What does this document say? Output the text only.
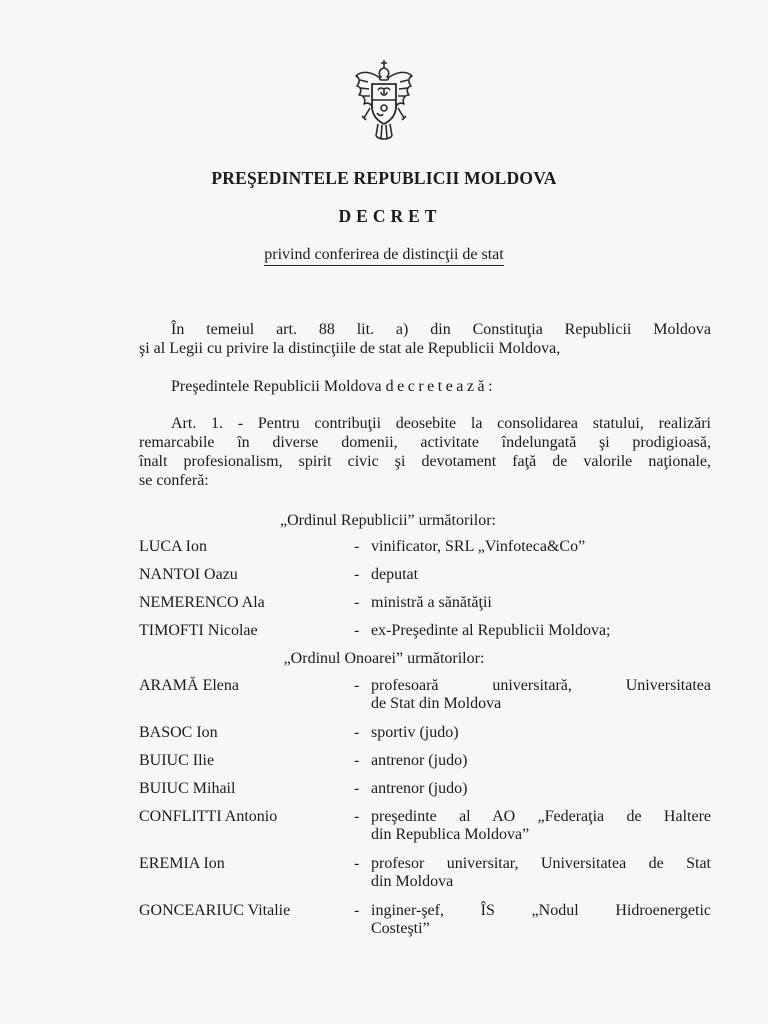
PREŞEDINTELE REPUBLICII MOLDOVA
DECRET
privind conferirea de distincţii de stat
În temeiul art. 88 lit. a) din Constituţia Republicii Moldova
şi al Legii cu privire la distincţiile de stat ale Republicii Moldova,
Preşedintele Republicii Moldova decretează:
Art. 1. - Pentru contribuţii deosebite la consolidarea statului, realizări
remarcabile în diverse domenii, activitate îndelungată şi prodigioasă,
înalt profesionalism, spirit civic şi devotament faţă de valorile naţionale,
se conferă:
„Ordinul Republicii” următorilor:
LUCA Ion	- vinificator, SRL „Vinfoteca&Co”
NANTOI Oazu	- deputat
NEMERENCO Ala	- ministră a sănătăţii
TIMOFTI Nicolae	- ex-Preşedinte al Republicii Moldova;
„Ordinul Onoarei” următorilor:
ARAMĂ Elena	- profesoară universitară, Universitatea
de Stat din Moldova
BASOC Ion	- sportiv (judo)
BUIUC Ilie	- antrenor (judo)
BUIUC Mihail	- antrenor (judo)
CONFLITTI Antonio	- preşedinte al AO „Federaţia de Haltere
din Republica Moldova”
EREMIA Ion	- profesor universitar, Universitatea de Stat
din Moldova
GONCEARIUC Vitalie	- inginer-şef, ÎS „Nodul Hidroenergetic
Costeşti”
